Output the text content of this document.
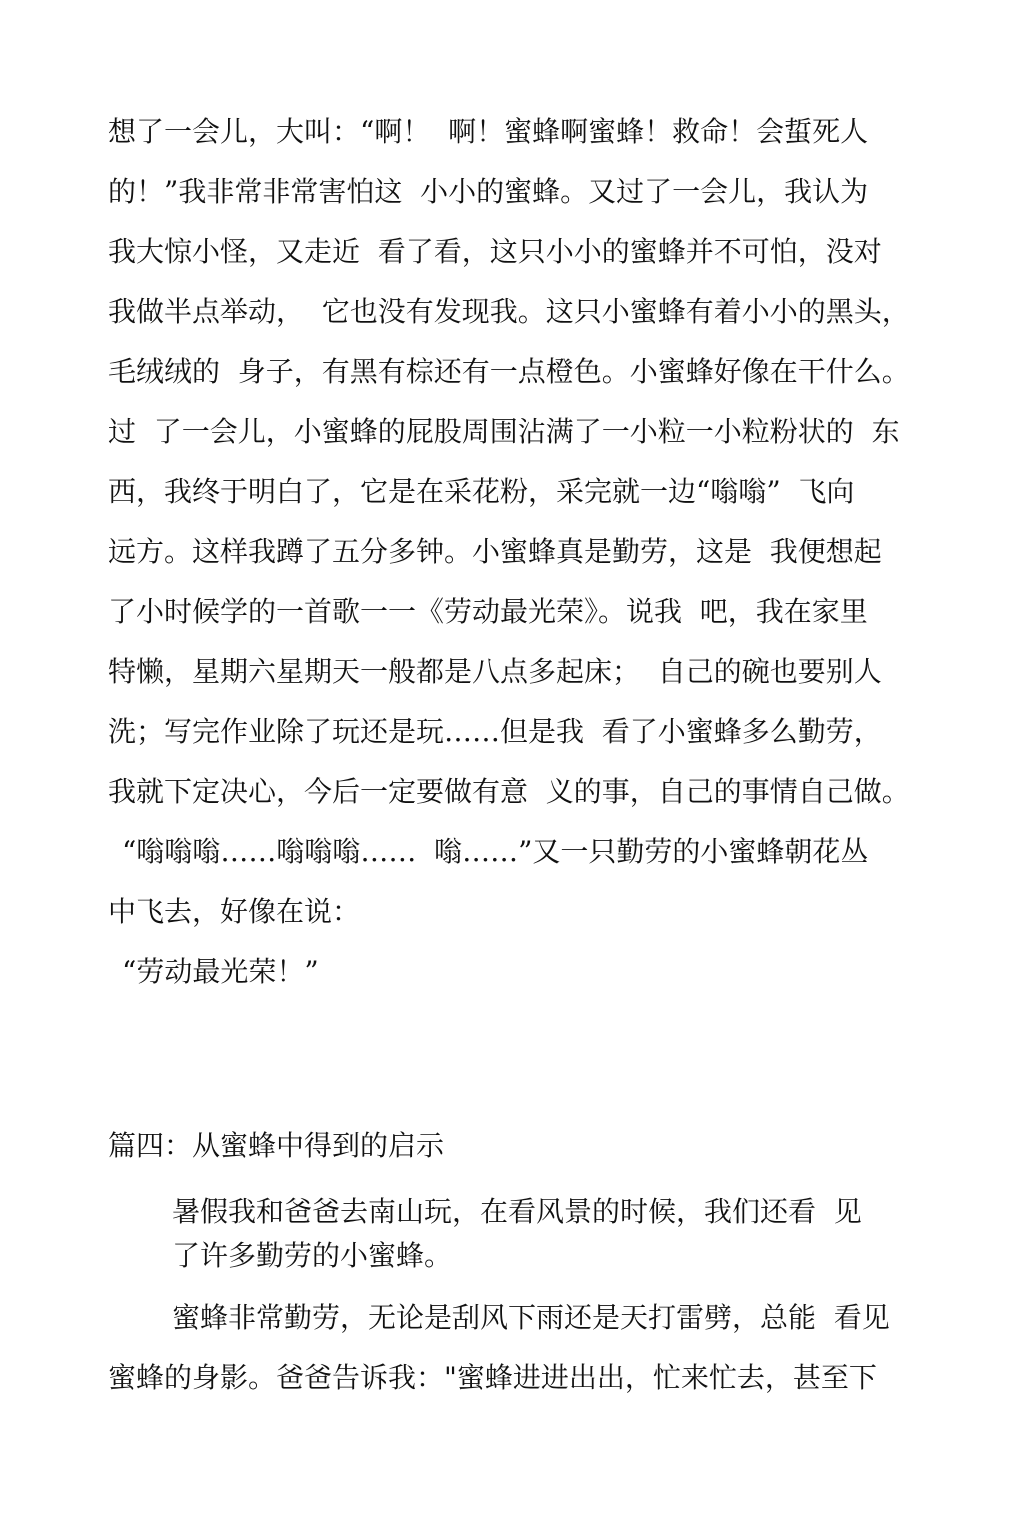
想了一会儿，大叫：“啊！  啊！蜜蜂啊蜜蜂！救命！会蜇死人
的！”我非常非常害怕这  小小的蜜蜂。又过了一会儿，我认为
我大惊小怪，又走近  看了看，这只小小的蜜蜂并不可怕，没对
我做半点举动，  它也没有发现我。这只小蜜蜂有着小小的黑头，
毛绒绒的  身子，有黑有棕还有一点橙色。小蜜蜂好像在干什么。
过  了一会儿，小蜜蜂的屁股周围沾满了一小粒一小粒粉状的  东
西，我终于明白了，它是在采花粉，采完就一边“嗡嗡”  飞向
远方。这样我蹲了五分多钟。小蜜蜂真是勤劳，这是  我便想起
了小时候学的一首歌一一《劳动最光荣》。说我  吧，我在家里
特懒，星期六星期天一般都是八点多起床；  自己的碗也要别人
洗；写完作业除了玩还是玩……但是我  看了小蜜蜂多么勤劳，
我就下定决心，今后一定要做有意  义的事，自己的事情自己做。
“嗡嗡嗡……嗡嗡嗡……  嗡……”又一只勤劳的小蜜蜂朝花丛
中飞去，好像在说：
“劳动最光荣！”
篇四：从蜜蜂中得到的启示
暑假我和爸爸去南山玩，在看风景的时候，我们还看  见
了许多勤劳的小蜜蜂。
蜜蜂非常勤劳，无论是刮风下雨还是天打雷劈，总能  看见
蜜蜂的身影。爸爸告诉我："蜜蜂进进出出，忙来忙去，甚至下
